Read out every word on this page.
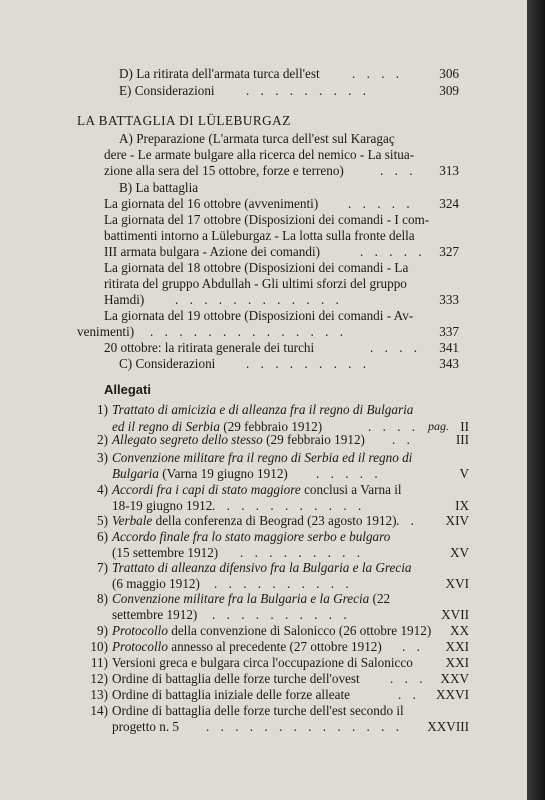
D) La ritirata dell'armata turca dell'est . . . .	306
E) Considerazioni . . . . . . . . .	309
LA BATTAGLIA DI LÜLEBURGAZ
A) Preparazione (L'armata turca dell'est sul Karagaç
dere - Le armate bulgare alla ricerca del nemico - La situa-
zione alla sera del 15 ottobre, forze e terreno)	. . . 313
B) La battaglia
La giornata del 16 ottobre (avvenimenti) . . . . . 324
La giornata del 17 ottobre (Disposizioni dei comandi - I com-
battimenti intorno a Lüleburgaz - La lotta sulla fronte della
III armata bulgara - Azione dei comandi)	. . . . . 327
La giornata del 18 ottobre (Disposizioni dei comandi - La
ritirata del gruppo Abdullah - Gli ultimi sforzi del gruppo
Hamdi) . . . . . . . . . . . .	333
La giornata del 19 ottobre (Disposizioni dei comandi - Av-
venimenti) . . . . . . . . . . . . . .	337
20 ottobre: la ritirata generale dei turchi	. . . . 341
C) Considerazioni . . . . . . . . .	343
Allegati
1) Trattato di amicizia e di alleanza fra il regno di Bulgaria
ed il regno di Serbia (29 febbraio 1912)	. . . . pag. II
2) Allegato segreto dello stesso (29 febbraio 1912) . .	III
3) Convenzione militare fra il regno di Serbia ed il regno di
Bulgaria (Varna 19 giugno 1912) . . . . .	V
4) Accordi fra i capi di stato maggiore conclusi a Varna il
18-19 giugno 1912 . . . . . . . . . . .	IX
5) Verbale della conferenza di Beograd (23 agosto 1912) . . XIV
6) Accordo finale fra lo stato maggiore serbo e bulgaro
(15 settembre 1912) . . . . . . . . .	XV
7) Trattato di alleanza difensivo fra la Bulgaria e la Grecia
(6 maggio 1912) . . . . . . . . . .	XVI
8) Convenzione militare fra la Bulgaria e la Grecia (22
settembre 1912) . . . . . . . . . .	XVII
9) Protocollo della convenzione di Salonicco (26 ottobre 1912) XX
10) Protocollo annesso al precedente (27 ottobre 1912) . . XXI
11) Versioni greca e bulgara circa l'occupazione di Salonicco XXI
12) Ordine di battaglia delle forze turche dell'ovest . . . XXV
13) Ordine di battaglia iniziale delle forze alleate	. . XXVI
14) Ordine di battaglia delle forze turche dell'est secondo il
progetto n. 5 . . . . . . . . . . . . . . XXVIII
